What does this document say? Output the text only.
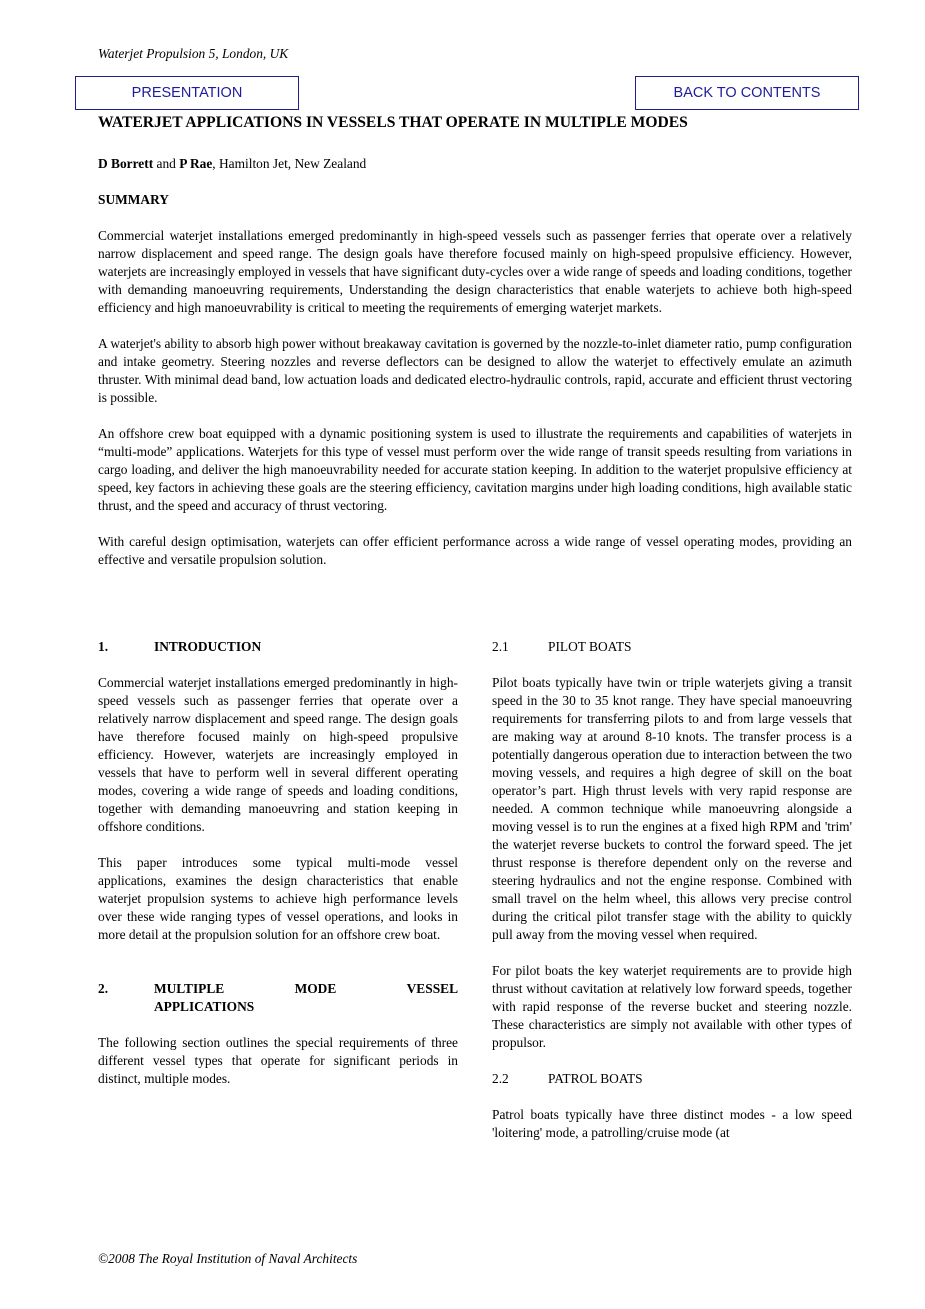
Waterjet Propulsion 5, London, UK
PRESENTATION	BACK TO CONTENTS
WATERJET APPLICATIONS IN VESSELS THAT OPERATE IN MULTIPLE MODES
D Borrett and P Rae, Hamilton Jet, New Zealand
SUMMARY

Commercial waterjet installations emerged predominantly in high-speed vessels such as passenger ferries that operate over a relatively narrow displacement and speed range. The design goals have therefore focused mainly on high-speed propulsive efficiency. However, waterjets are increasingly employed in vessels that have significant duty-cycles over a wide range of speeds and loading conditions, together with demanding manoeuvring requirements, Understanding the design characteristics that enable waterjets to achieve both high-speed efficiency and high manoeuvrability is critical to meeting the requirements of emerging waterjet markets.

A waterjet's ability to absorb high power without breakaway cavitation is governed by the nozzle-to-inlet diameter ratio, pump configuration and intake geometry. Steering nozzles and reverse deflectors can be designed to allow the waterjet to effectively emulate an azimuth thruster. With minimal dead band, low actuation loads and dedicated electro-hydraulic controls, rapid, accurate and efficient thrust vectoring is possible.

An offshore crew boat equipped with a dynamic positioning system is used to illustrate the requirements and capabilities of waterjets in “multi-mode” applications. Waterjets for this type of vessel must perform over the wide range of transit speeds resulting from variations in cargo loading, and deliver the high manoeuvrability needed for accurate station keeping. In addition to the waterjet propulsive efficiency at speed, key factors in achieving these goals are the steering efficiency, cavitation margins under high loading conditions, high available static thrust, and the speed and accuracy of thrust vectoring.

With careful design optimisation, waterjets can offer efficient performance across a wide range of vessel operating modes, providing an effective and versatile propulsion solution.

1.	INTRODUCTION

Commercial waterjet installations emerged predominantly in high-speed vessels such as passenger ferries that operate over a relatively narrow displacement and speed range. The design goals have therefore focused mainly on high-speed propulsive efficiency. However, waterjets are increasingly employed in vessels that have to perform well in several different operating modes, covering a wide range of speeds and loading conditions, together with demanding manoeuvring and station keeping in offshore conditions.

This paper introduces some typical multi-mode vessel applications, examines the design characteristics that enable waterjet propulsion systems to achieve high performance levels over these wide ranging types of vessel operations, and looks in more detail at the propulsion solution for an offshore crew boat.

2.	MULTIPLE	MODE	VESSEL
APPLICATIONS

The following section outlines the special requirements of three different vessel types that operate for significant periods in distinct, multiple modes.

2.1	PILOT BOATS

Pilot boats typically have twin or triple waterjets giving a transit speed in the 30 to 35 knot range. They have special manoeuvring requirements for transferring pilots to and from large vessels that are making way at around 8-10 knots. The transfer process is a potentially dangerous operation due to interaction between the two moving vessels, and requires a high degree of skill on the boat operator’s part. High thrust levels with very rapid response are needed. A common technique while manoeuvring alongside a moving vessel is to run the engines at a fixed high RPM and 'trim' the waterjet reverse buckets to control the forward speed. The jet thrust response is therefore dependent only on the reverse and steering hydraulics and not the engine response. Combined with small travel on the helm wheel, this allows very precise control during the critical pilot transfer stage with the ability to quickly pull away from the moving vessel when required.

For pilot boats the key waterjet requirements are to provide high thrust without cavitation at relatively low forward speeds, together with rapid response of the reverse bucket and steering nozzle. These characteristics are simply not available with other types of propulsor.

2.2	PATROL BOATS

Patrol boats typically have three distinct modes - a low speed 'loitering' mode, a patrolling/cruise mode (at

©2008 The Royal Institution of Naval Architects
